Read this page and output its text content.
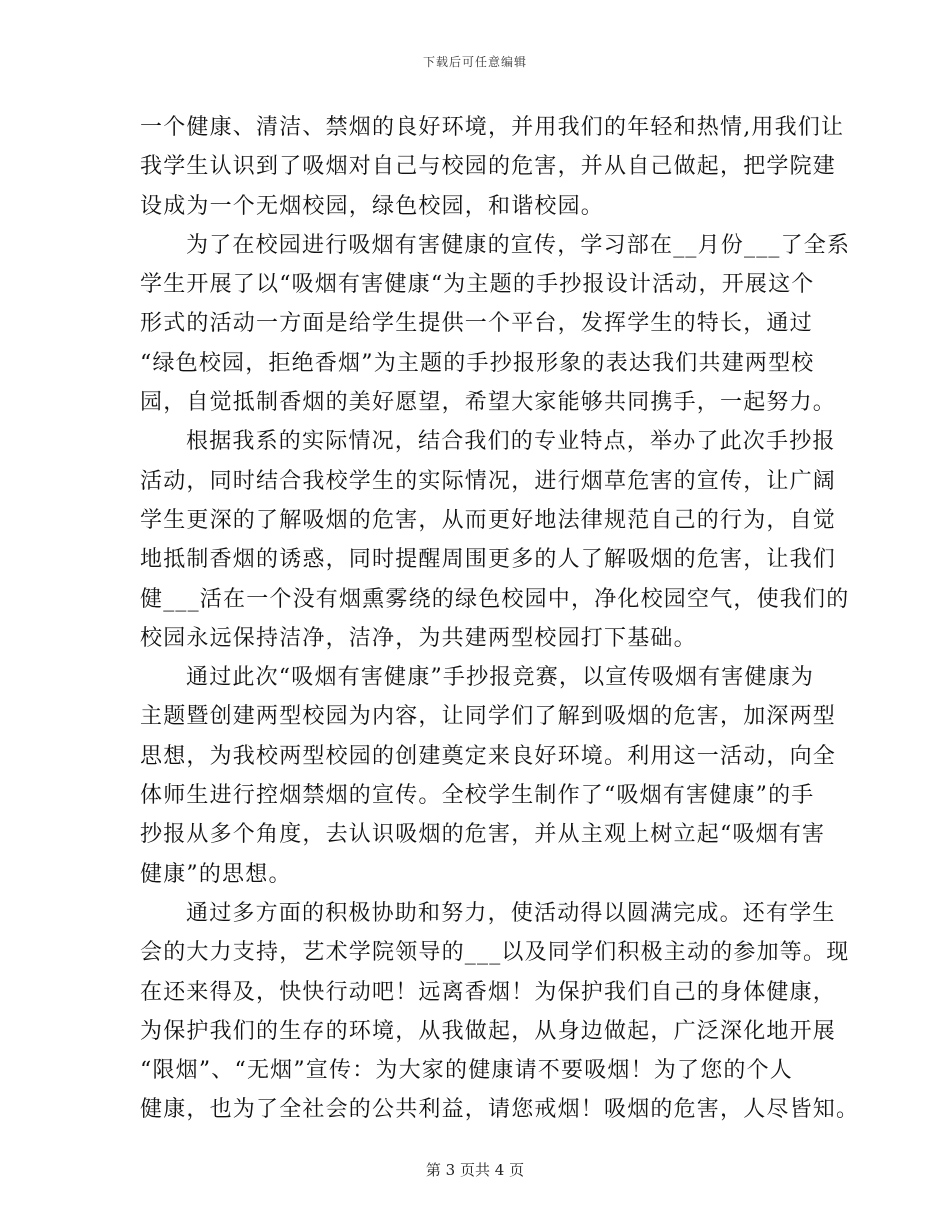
下载后可任意编辑
一个健康、清洁、禁烟的良好环境，并用我们的年轻和热情,用我们让
我学生认识到了吸烟对自己与校园的危害，并从自己做起，把学院建
设成为一个无烟校园，绿色校园，和谐校园。
为了在校园进行吸烟有害健康的宣传，学习部在__月份___了全系
学生开展了以“吸烟有害健康“为主题的手抄报设计活动，开展这个
形式的活动一方面是给学生提供一个平台，发挥学生的特长，通过
“绿色校园，拒绝香烟”为主题的手抄报形象的表达我们共建两型校
园，自觉抵制香烟的美好愿望，希望大家能够共同携手，一起努力。
根据我系的实际情况，结合我们的专业特点，举办了此次手抄报
活动，同时结合我校学生的实际情况，进行烟草危害的宣传，让广阔
学生更深的了解吸烟的危害，从而更好地法律规范自己的行为，自觉
地抵制香烟的诱惑，同时提醒周围更多的人了解吸烟的危害，让我们
健___活在一个没有烟熏雾绕的绿色校园中，净化校园空气，使我们的
校园永远保持洁净，洁净，为共建两型校园打下基础。
通过此次“吸烟有害健康”手抄报竞赛，以宣传吸烟有害健康为
主题暨创建两型校园为内容，让同学们了解到吸烟的危害，加深两型
思想，为我校两型校园的创建奠定来良好环境。利用这一活动，向全
体师生进行控烟禁烟的宣传。全校学生制作了“吸烟有害健康”的手
抄报从多个角度，去认识吸烟的危害，并从主观上树立起“吸烟有害
健康”的思想。
通过多方面的积极协助和努力，使活动得以圆满完成。还有学生
会的大力支持，艺术学院领导的___以及同学们积极主动的参加等。现
在还来得及，快快行动吧！远离香烟！为保护我们自己的身体健康，
为保护我们的生存的环境，从我做起，从身边做起，广泛深化地开展
“限烟”、“无烟”宣传：为大家的健康请不要吸烟！为了您的个人
健康，也为了全社会的公共利益，请您戒烟！吸烟的危害，人尽皆知。
第 3 页共 4 页
